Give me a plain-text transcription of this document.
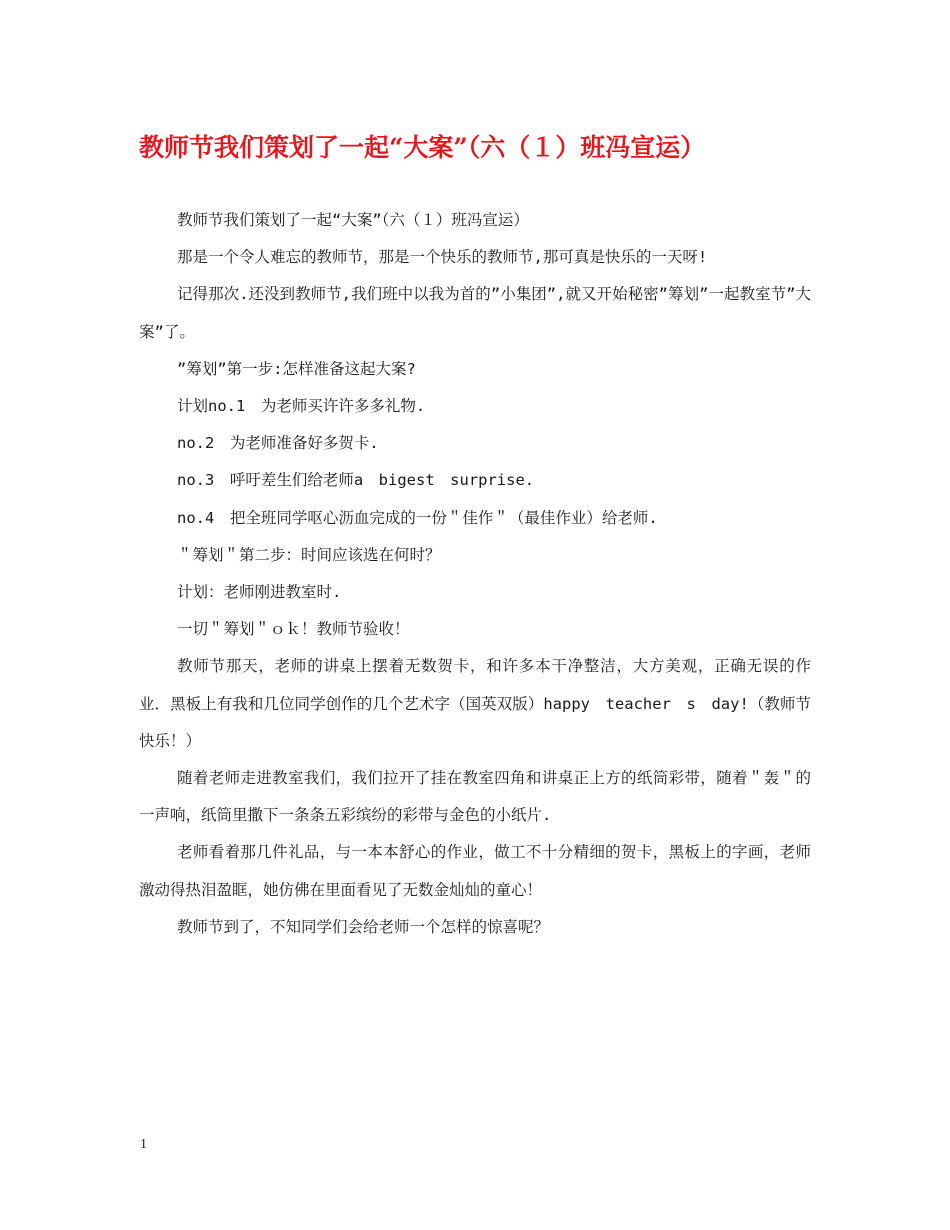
教师节我们策划了一起“大案”（六（１）班冯宣运）

教师节我们策划了一起“大案”（六（１）班冯宣运）

那是一个令人难忘的教师节，那是一个快乐的教师节,那可真是快乐的一天呀!

记得那次.还没到教师节,我们班中以我为首的”小集团”,就又开始秘密”筹划”一起教室节”大案”了。

”筹划”第一步:怎样准备这起大案?

计划no.1　为老师买许许多多礼物.

no.2　为老师准备好多贺卡.

no.3　呼吁差生们给老师a　bigest　surprise.

no.4　把全班同学呕心沥血完成的一份＂佳作＂（最佳作业）给老师.

＂筹划＂第二步：时间应该选在何时？

计划：老师刚进教室时.

一切＂筹划＂ｏｋ！教师节验收！

教师节那天，老师的讲桌上摆着无数贺卡，和许多本干净整洁，大方美观，正确无误的作业．黑板上有我和几位同学创作的几个艺术字（国英双版）happy　teacher　s　day!（教师节快乐！）

随着老师走进教室我们，我们拉开了挂在教室四角和讲桌正上方的纸筒彩带，随着＂轰＂的一声响，纸筒里撒下一条条五彩缤纷的彩带与金色的小纸片.

老师看着那几件礼品，与一本本舒心的作业，做工不十分精细的贺卡，黑板上的字画，老师激动得热泪盈眶，她仿佛在里面看见了无数金灿灿的童心！

教师节到了，不知同学们会给老师一个怎样的惊喜呢？

1
